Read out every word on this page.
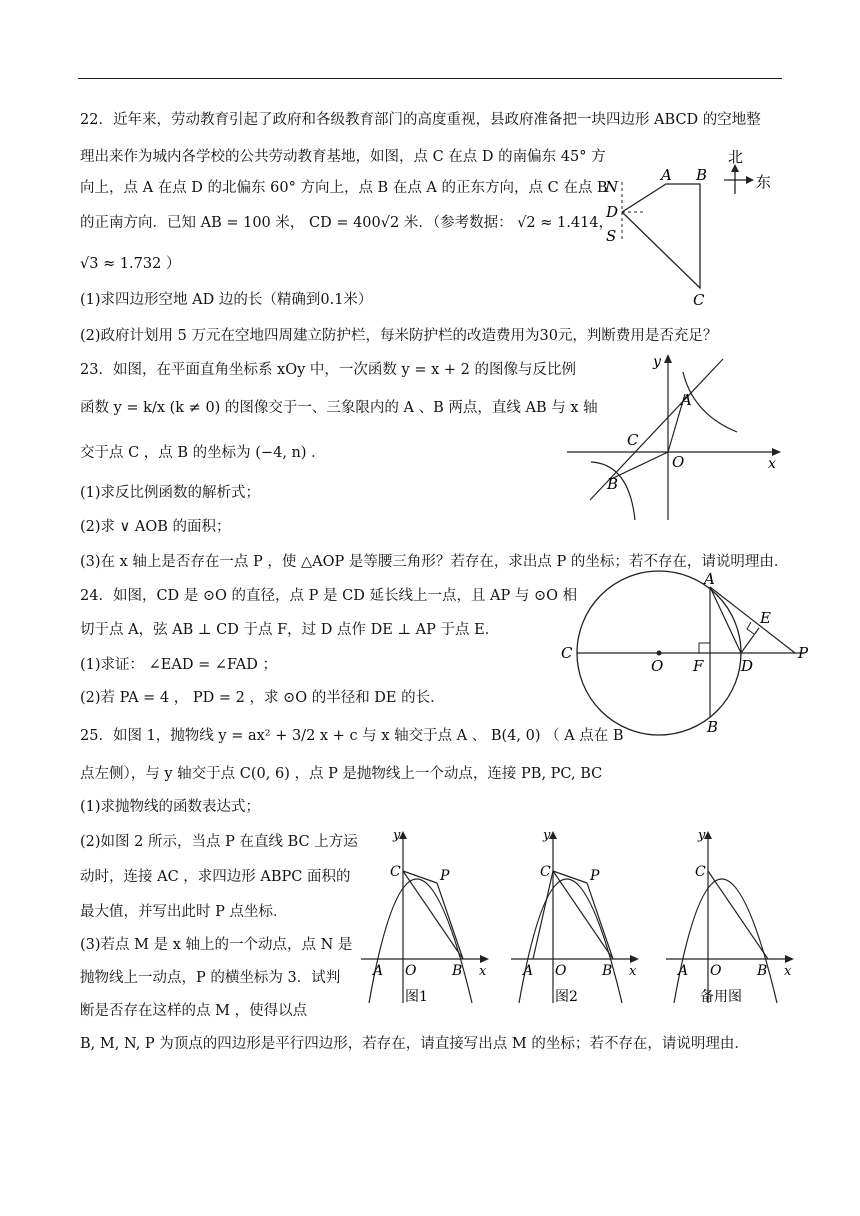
22．近年来，劳动教育引起了政府和各级教育部门的高度重视，县政府准备把一块四边形 ABCD 的空地整
理出来作为城内各学校的公共劳动教育基地，如图，点 C 在点 D 的南偏东 45° 方
向上，点 A 在点 D 的北偏东 60° 方向上，点 B 在点 A 的正东方向，点 C 在点 B
的正南方向．已知 AB = 100 米， CD = 400√2 米．（参考数据： √2 ≈ 1.414，
√3 ≈ 1.732 ）
(1)求四边形空地 AD 边的长（精确到0.1米）
(2)政府计划用 5 万元在空地四周建立防护栏，每米防护栏的改造费用为30元，判断费用是否充足？
北
东
N
D
S
A B
C
23．如图，在平面直角坐标系 xOy 中，一次函数 y = x + 2 的图像与反比例
函数 y = k/x (k ≠ 0) 的图像交于一、三象限内的 A 、B 两点，直线 AB 与 x 轴
交于点 C ，点 B 的坐标为 (−4, n) ．
(1)求反比例函数的解析式；
(2)求 ∨ AOB 的面积；
(3)在 x 轴上是否存在一点 P ，使 △AOP 是等腰三角形？若存在，求出点 P 的坐标；若不存在，请说明理由．
y
x
A
C
O
B
24．如图，CD 是 ⊙O 的直径，点 P 是 CD 延长线上一点，且 AP 与 ⊙O 相
切于点 A，弦 AB ⊥ CD 于点 F，过 D 点作 DE ⊥ AP 于点 E．
(1)求证： ∠EAD = ∠FAD ；
(2)若 PA = 4 ， PD = 2 ，求 ⊙O 的半径和 DE 的长．
A
E
C
O F	D
P
B
25．如图 1，抛物线 y = ax² + 3/2 x + c 与 x 轴交于点 A 、 B(4, 0) （ A 点在 B
点左侧），与 y 轴交于点 C(0, 6) ，点 P 是抛物线上一个动点，连接 PB, PC, BC
(1)求抛物线的函数表达式；
(2)如图 2 所示，当点 P 在直线 BC 上方运
动时，连接 AC ，求四边形 ABPC 面积的
最大值，并写出此时 P 点坐标．
(3)若点 M 是 x 轴上的一个动点，点 N 是
抛物线上一动点，P 的横坐标为 3．试判
断是否存在这样的点 M ，使得以点
B, M, N, P 为顶点的四边形是平行四边形，若存在，请直接写出点 M 的坐标；若不存在，请说明理由．
y
x
C	P
A O	B
图1
y
x
C	P
A O	B
图2
y
x
C
A O	B
备用图
